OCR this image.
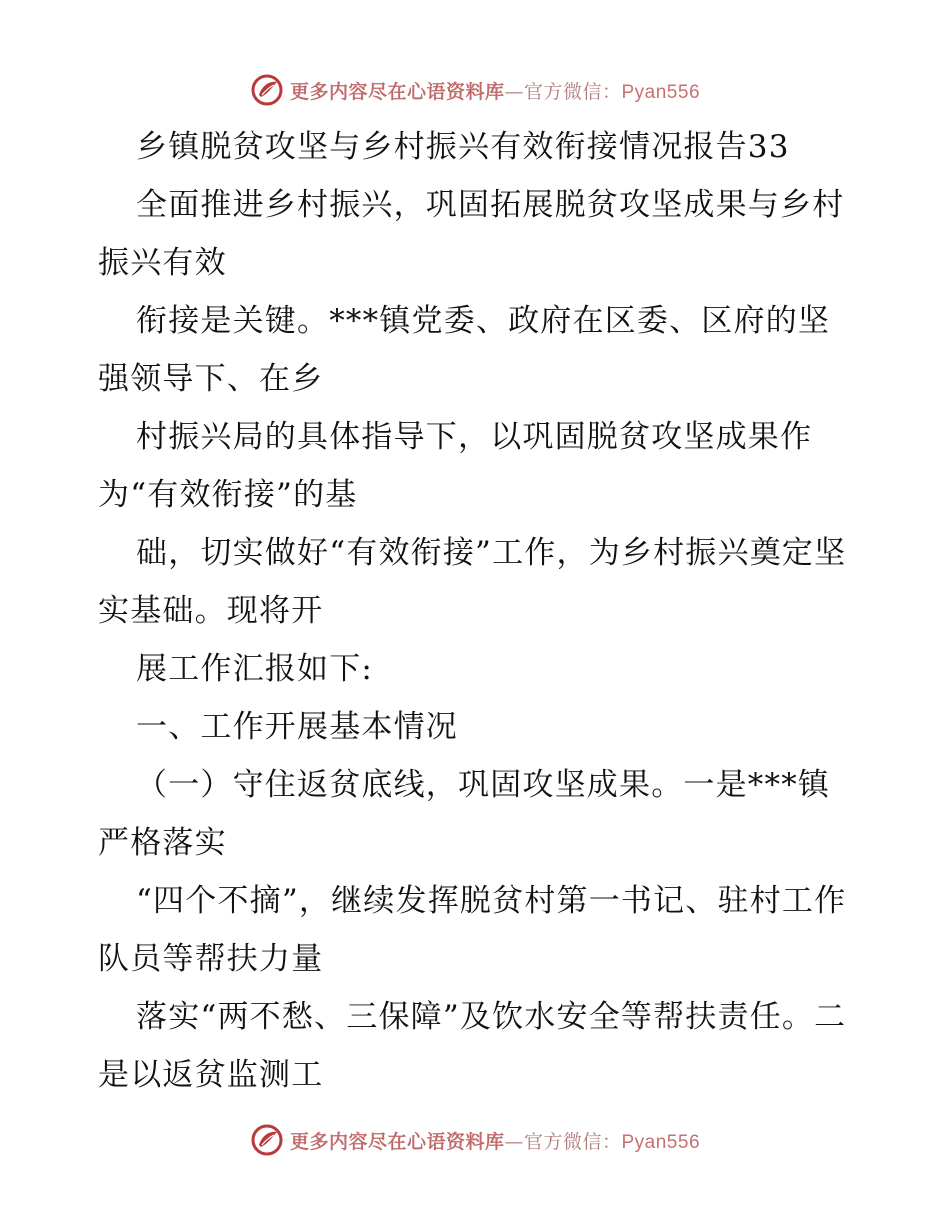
更多内容尽在心语资料库—官方微信：Pyan556

乡镇脱贫攻坚与乡村振兴有效衔接情况报告33

全面推进乡村振兴，巩固拓展脱贫攻坚成果与乡村振兴有效

衔接是关键。***镇党委、政府在区委、区府的坚强领导下、在乡

村振兴局的具体指导下，以巩固脱贫攻坚成果作为“有效衔接”的基

础，切实做好“有效衔接”工作，为乡村振兴奠定坚实基础。现将开

展工作汇报如下:

一、工作开展基本情况

（一）守住返贫底线，巩固攻坚成果。一是***镇严格落实

“四个不摘”，继续发挥脱贫村第一书记、驻村工作队员等帮扶力量

落实“两不愁、三保障”及饮水安全等帮扶责任。二是以返贫监测工

更多内容尽在心语资料库—官方微信：Pyan556
